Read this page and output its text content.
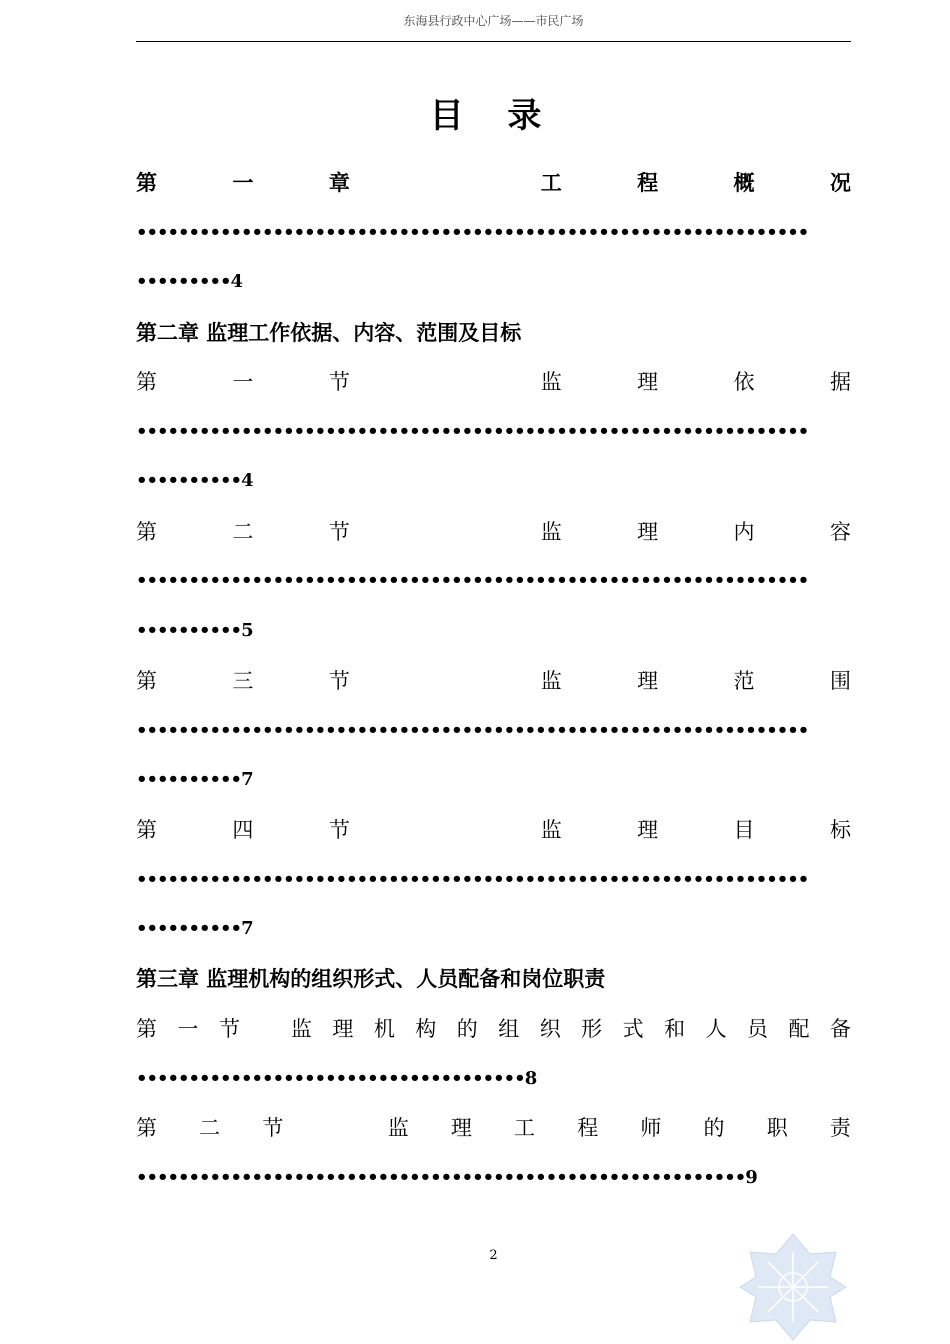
东海县行政中心广场——市民广场
目 录
第	一	章	工	程	概	况
••••••••••••••••••••••••••••••••••••••••••••••••••••••••••••••••
•••••••••4
第二章 监理工作依据、内容、范围及目标
第	一	节	监	理	依	据
••••••••••••••••••••••••••••••••••••••••••••••••••••••••••••••••
••••••••••4
第	二	节	监	理	内	容
••••••••••••••••••••••••••••••••••••••••••••••••••••••••••••••••
••••••••••5
第	三	节	监	理	范	围
••••••••••••••••••••••••••••••••••••••••••••••••••••••••••••••••
••••••••••7
第	四	节	监	理	目	标
••••••••••••••••••••••••••••••••••••••••••••••••••••••••••••••••
••••••••••7
第三章 监理机构的组织形式、人员配备和岗位职责
第 一 节 监 理 机 构 的 组 织 形 式 和 人 员 配 备
•••••••••••••••••••••••••••••••••••••8
第 二 节	监 理 工 程 师 的 职 责
••••••••••••••••••••••••••••••••••••••••••••••••••••••••••9
2
